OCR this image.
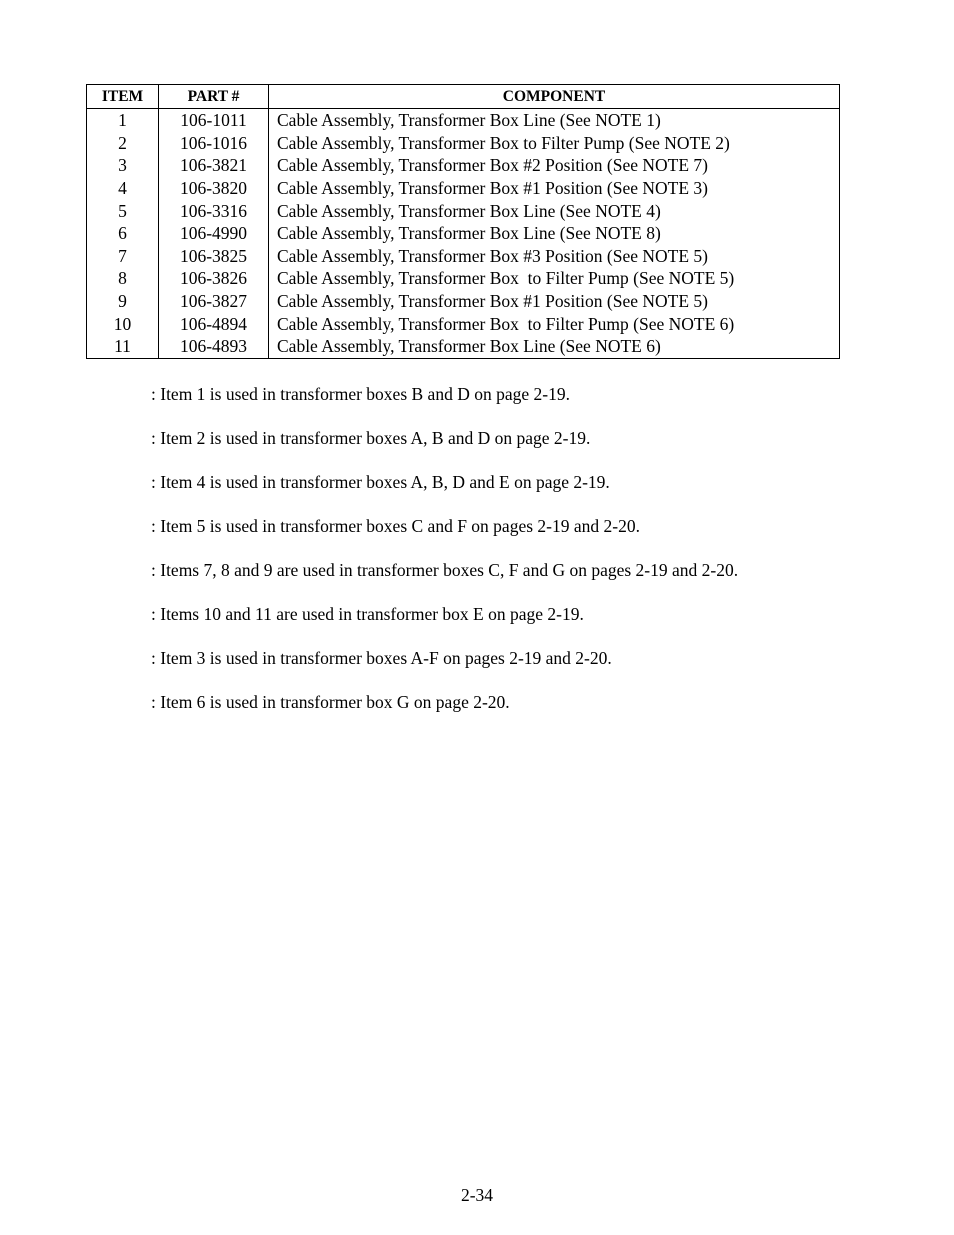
ITEM	PART #	COMPONENT
1	106-1011	Cable Assembly, Transformer Box Line (See NOTE 1)
2	106-1016	Cable Assembly, Transformer Box to Filter Pump (See NOTE 2)
3	106-3821	Cable Assembly, Transformer Box #2 Position (See NOTE 7)
4	106-3820	Cable Assembly, Transformer Box #1 Position (See NOTE 3)
5	106-3316	Cable Assembly, Transformer Box Line (See NOTE 4)
6	106-4990	Cable Assembly, Transformer Box Line (See NOTE 8)
7	106-3825	Cable Assembly, Transformer Box #3 Position (See NOTE 5)
8	106-3826	Cable Assembly, Transformer Box  to Filter Pump (See NOTE 5)
9	106-3827	Cable Assembly, Transformer Box #1 Position (See NOTE 5)
10	106-4894	Cable Assembly, Transformer Box  to Filter Pump (See NOTE 6)
11	106-4893	Cable Assembly, Transformer Box Line (See NOTE 6)
: Item 1 is used in transformer boxes B and D on page 2-19.
: Item 2 is used in transformer boxes A, B and D on page 2-19.
: Item 4 is used in transformer boxes A, B, D and E on page 2-19.
: Item 5 is used in transformer boxes C and F on pages 2-19 and 2-20.
: Items 7, 8 and 9 are used in transformer boxes C, F and G on pages 2-19 and 2-20.
: Items 10 and 11 are used in transformer box E on page 2-19.
: Item 3 is used in transformer boxes A-F on pages 2-19 and 2-20.
: Item 6 is used in transformer box G on page 2-20.
2-34
